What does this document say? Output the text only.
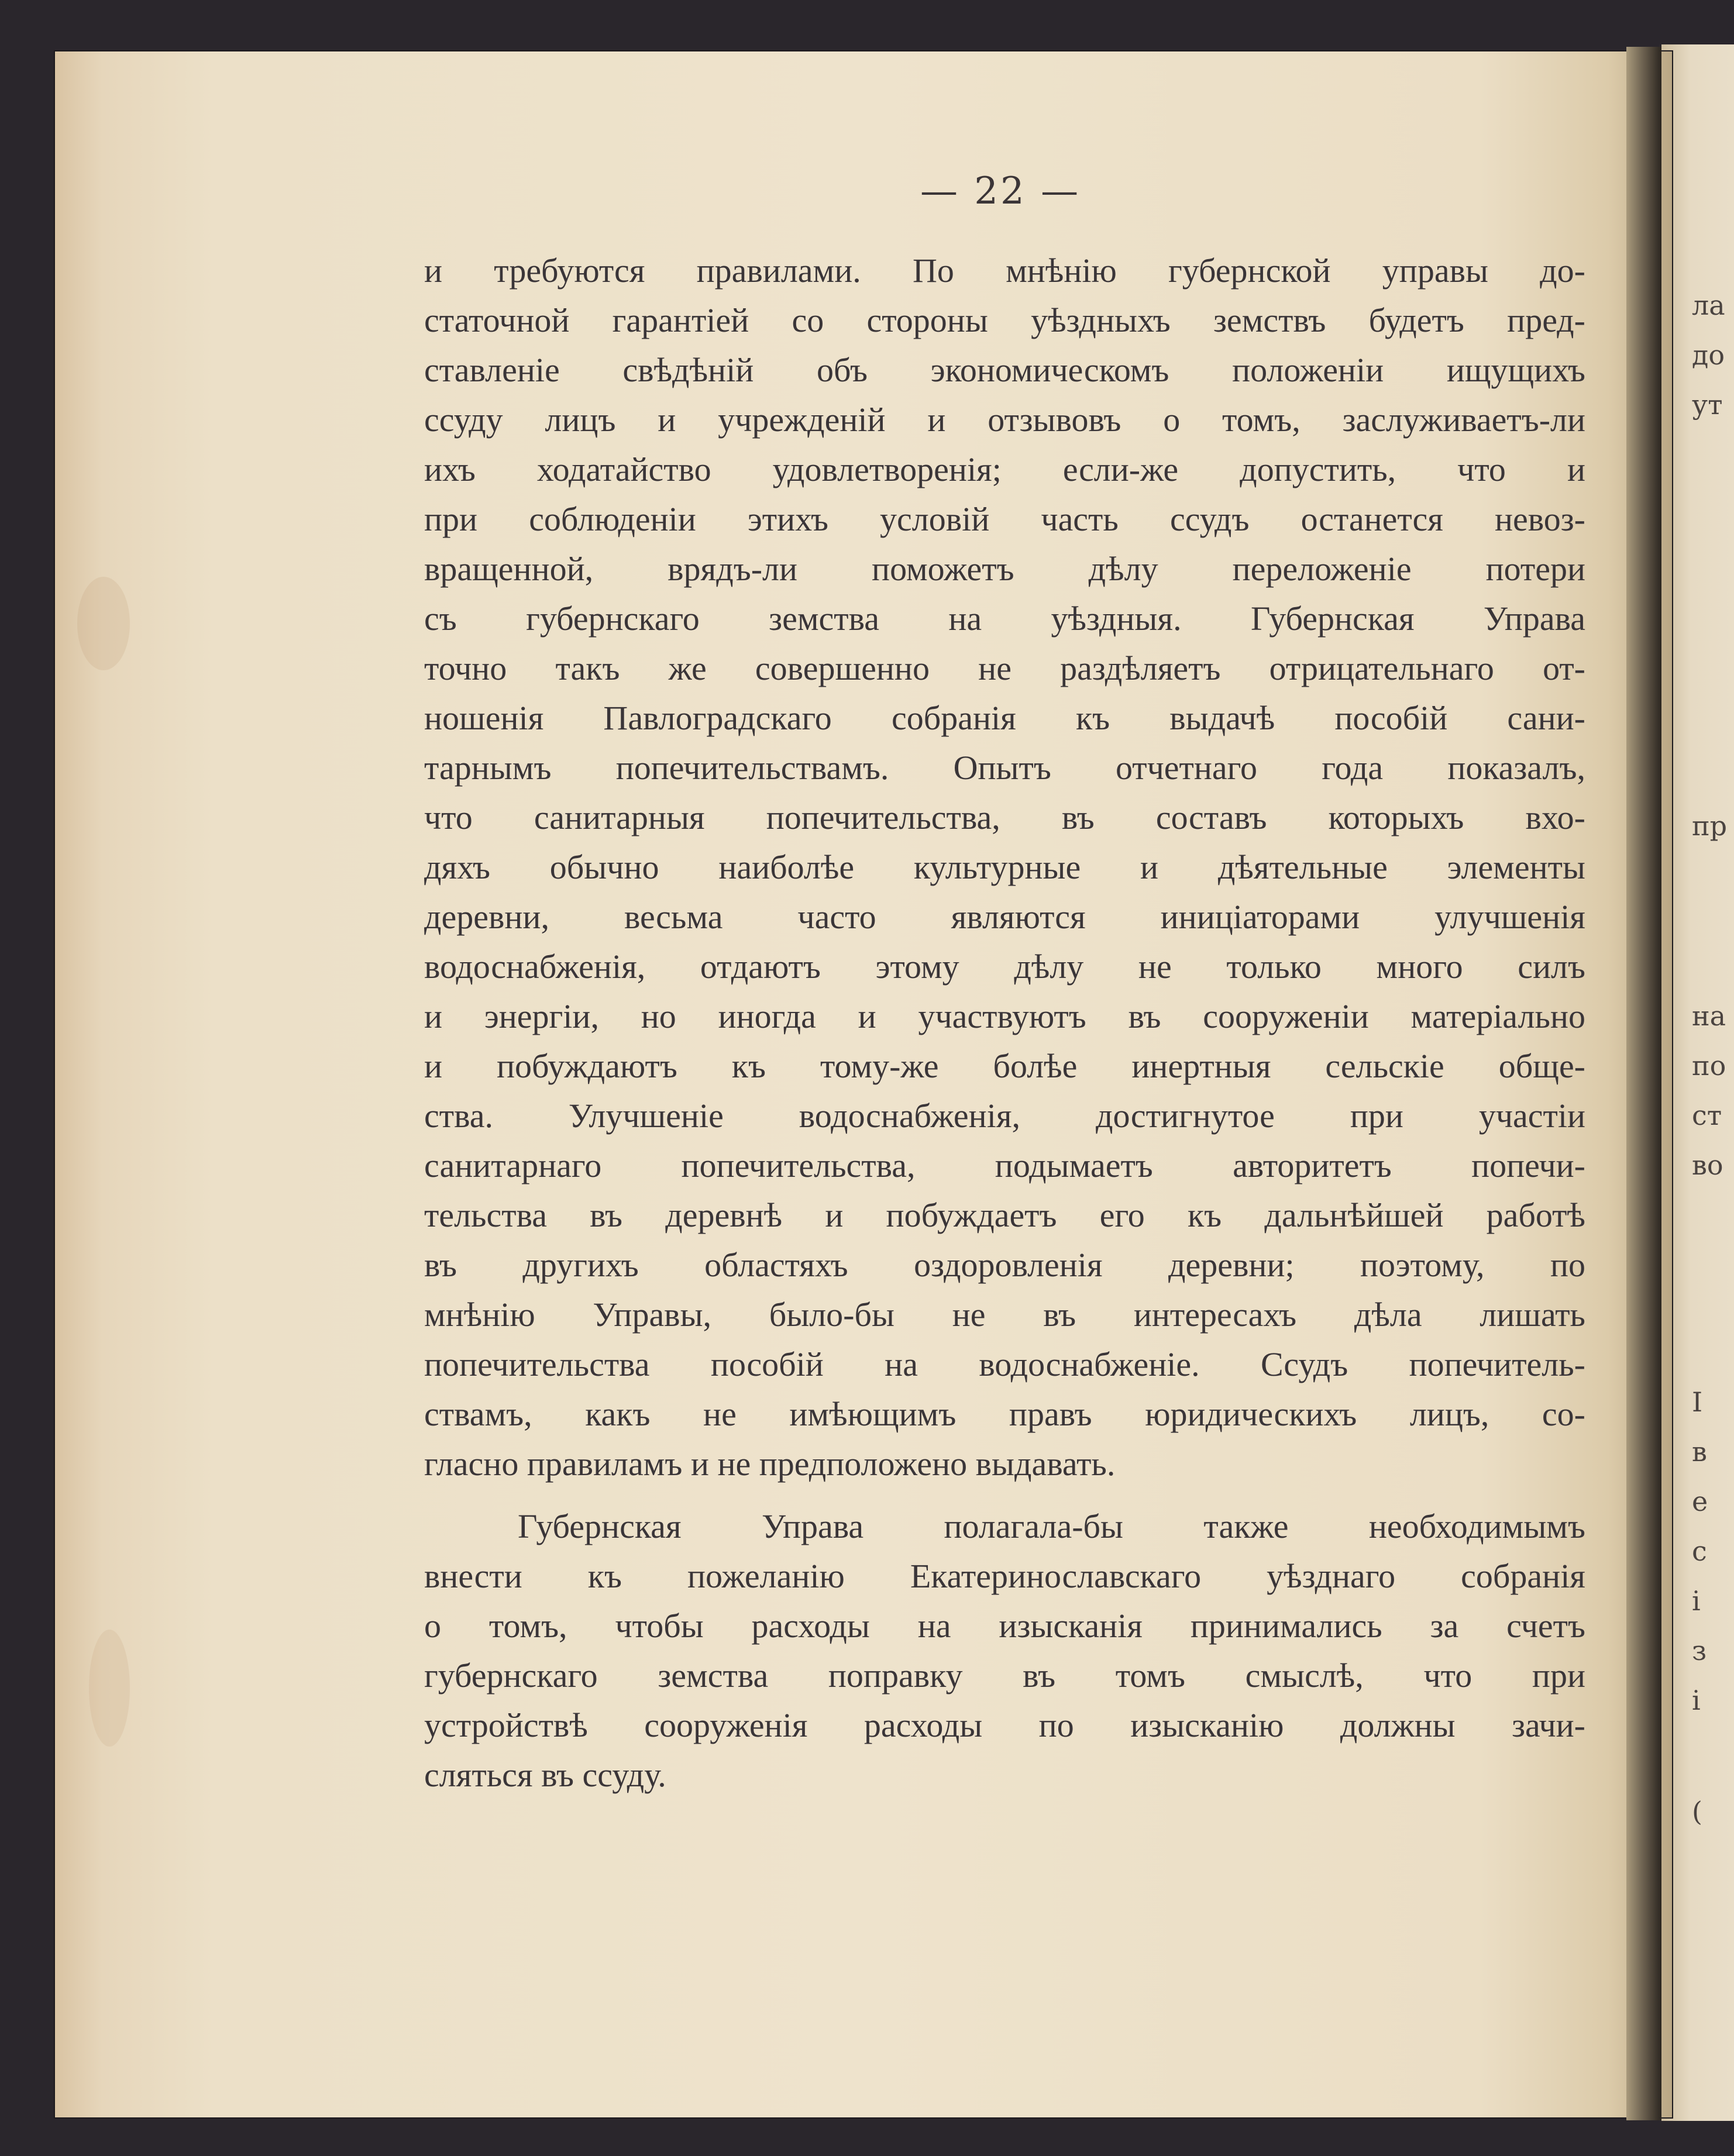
ла
до
ут
пр
на
по
ст
во
І
в
е
с
і
з
і
(
— 22 —
и требуются правилами. По мнѣнію губернской управы до-
статочной гарантіей со стороны уѣздныхъ земствъ будетъ пред-
ставленіе свѣдѣній объ экономическомъ положеніи ищущихъ
ссуду лицъ и учрежденій и отзывовъ о томъ, заслуживаетъ-ли
ихъ ходатайство удовлетворенія; если-же допустить, что и
при соблюденіи этихъ условій часть ссудъ останется невоз-
вращенной, врядъ-ли поможетъ дѣлу переложеніе потери
съ губернскаго земства на уѣздныя. Губернская Управа
точно такъ же совершенно не раздѣляетъ отрицательнаго от-
ношенія Павлоградскаго собранія къ выдачѣ пособій сани-
тарнымъ попечительствамъ. Опытъ отчетнаго года показалъ,
что санитарныя попечительства, въ составъ которыхъ вхо-
дяхъ обычно наиболѣе культурные и дѣятельные элементы
деревни, весьма часто являются иниціаторами улучшенія
водоснабженія, отдаютъ этому дѣлу не только много силъ
и энергіи, но иногда и участвуютъ въ сооруженіи матеріально
и побуждаютъ къ тому-же болѣе инертныя сельскіе обще-
ства. Улучшеніе водоснабженія, достигнутое при участіи
санитарнаго попечительства, подымаетъ авторитетъ попечи-
тельства въ деревнѣ и побуждаетъ его къ дальнѣйшей работѣ
въ другихъ областяхъ оздоровленія деревни; поэтому, по
мнѣнію Управы, было-бы не въ интересахъ дѣла лишать
попечительства пособій на водоснабженіе. Ссудъ попечитель-
ствамъ, какъ не имѣющимъ правъ юридическихъ лицъ, со-
гласно правиламъ и не предположено выдавать.
Губернская Управа полагала-бы также необходимымъ
внести къ пожеланію Екатеринославскаго уѣзднаго собранія
о томъ, чтобы расходы на изысканія принимались за счетъ
губернскаго земства поправку въ томъ смыслѣ, что при
устройствѣ сооруженія расходы по изысканію должны зачи-
сляться въ ссуду.
